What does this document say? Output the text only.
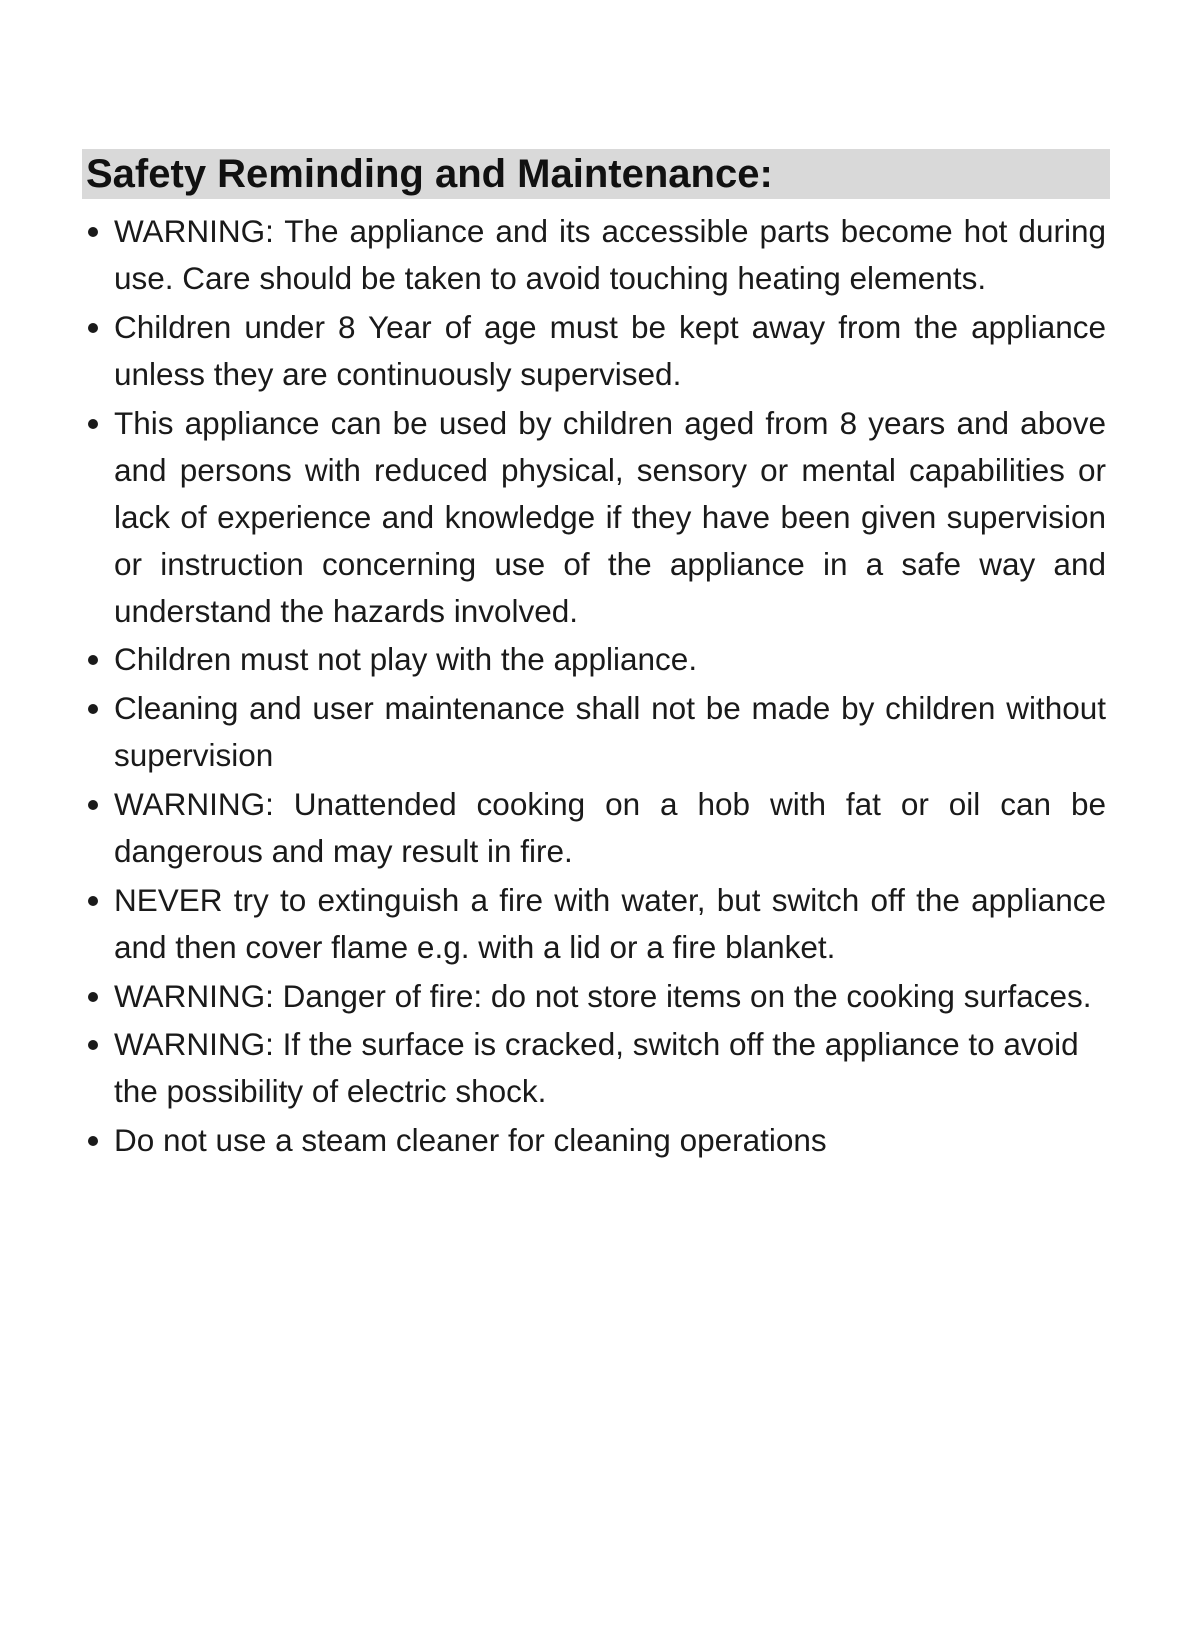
Safety Reminding and Maintenance:
WARNING: The appliance and its accessible parts become hot during use. Care should be taken to avoid touching heating elements.
Children under 8 Year of age must be kept away from the appliance unless they are continuously supervised.
This appliance can be used by children aged from 8 years and above and persons with reduced physical, sensory or mental capabilities or lack of experience and knowledge if they have been given supervision or instruction concerning use of the appliance in a safe way and understand the hazards involved.
Children must not play with the appliance.
Cleaning and user maintenance shall not be made by children without supervision
WARNING: Unattended cooking on a hob with fat or oil can be dangerous and may result in fire.
NEVER try to extinguish a fire with water, but switch off the appliance and then cover flame e.g. with a lid or a fire blanket.
WARNING: Danger of fire: do not store items on the cooking surfaces.
WARNING: If the surface is cracked, switch off the appliance to avoid the possibility of electric shock.
Do not use a steam cleaner for cleaning operations
